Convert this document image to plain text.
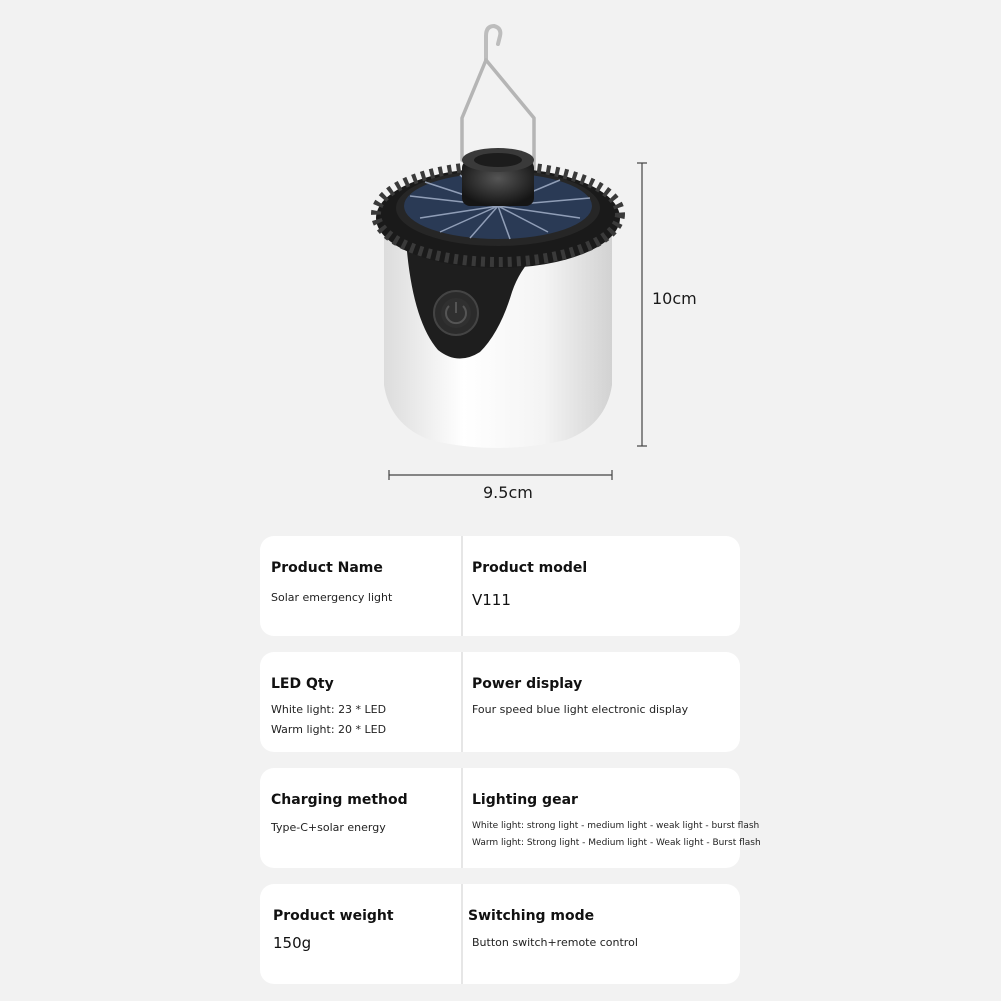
10cm
9.5cm
Product Name
Solar emergency light
Product model
V111
LED Qty
White light: 23 * LED
Warm light: 20 * LED
Power display
Four speed blue light electronic display
Charging method
Type-C+solar energy
Lighting gear
White light: strong light - medium light - weak light - burst flash
Warm light: Strong light - Medium light - Weak light - Burst flash
Product weight
150g
Switching mode
Button switch+remote control
